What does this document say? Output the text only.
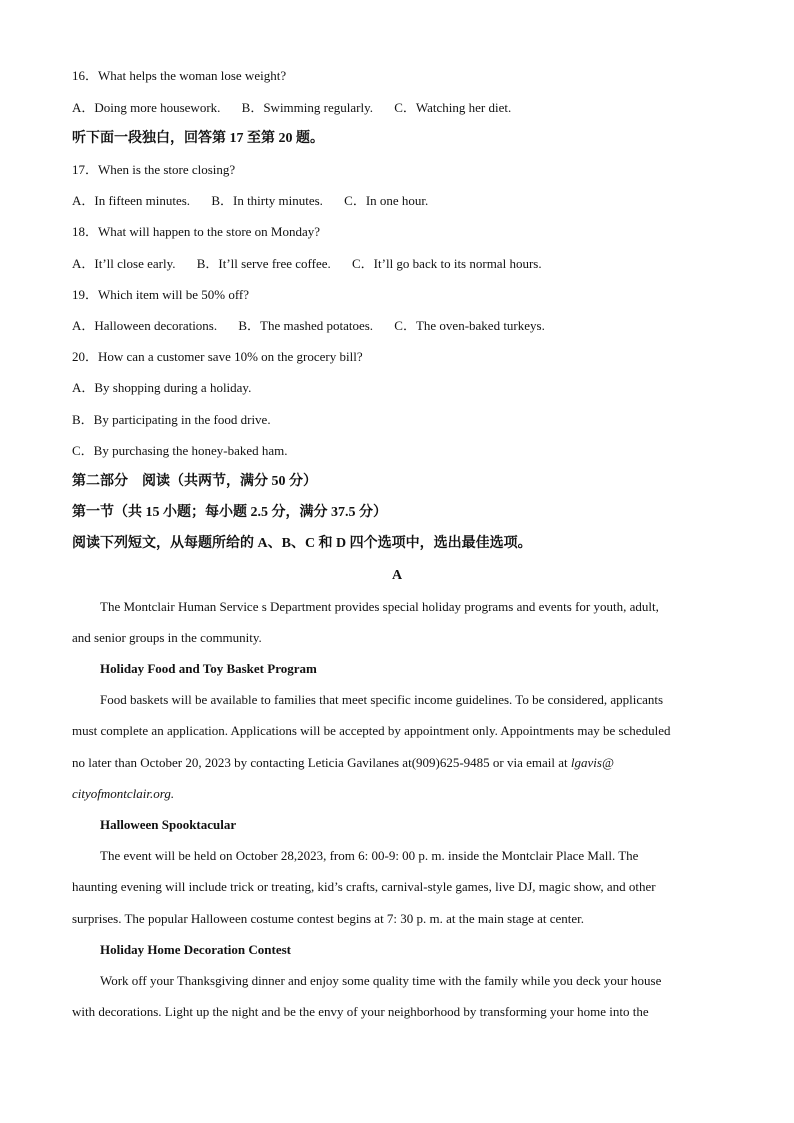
16．What helps the woman lose weight?
A．Doing more housework. B．Swimming regularly. C．Watching her diet.
听下面一段独白，回答第 17 至第 20 题。
17．When is the store closing?
A．In fifteen minutes. B．In thirty minutes. C．In one hour.
18．What will happen to the store on Monday?
A．It’ll close early. B．It’ll serve free coffee. C．It’ll go back to its normal hours.
19．Which item will be 50% off?
A．Halloween decorations. B．The mashed potatoes. C．The oven-baked turkeys.
20．How can a customer save 10% on the grocery bill?
A．By shopping during a holiday.
B．By participating in the food drive.
C．By purchasing the honey-baked ham.
第二部分　阅读（共两节，满分 50 分）
第一节（共 15 小题；每小题 2.5 分，满分 37.5 分）
阅读下列短文，从每题所给的 A、B、C 和 D 四个选项中，选出最佳选项。
A
The Montclair Human Service s Department provides special holiday programs and events for youth, adult,
and senior groups in the community.
Holiday Food and Toy Basket Program
Food baskets will be available to families that meet specific income guidelines. To be considered, applicants
must complete an application. Applications will be accepted by appointment only. Appointments may be scheduled
no later than October 20, 2023 by contacting Leticia Gavilanes at(909)625-9485 or via email at lgavis@
cityofmontclair.org.
Halloween Spooktacular
The event will be held on October 28,2023, from 6: 00-9: 00 p. m. inside the Montclair Place Mall. The
haunting evening will include trick or treating, kid’s crafts, carnival-style games, live DJ, magic show, and other
surprises. The popular Halloween costume contest begins at 7: 30 p. m. at the main stage at center.
Holiday Home Decoration Contest
Work off your Thanksgiving dinner and enjoy some quality time with the family while you deck your house
with decorations. Light up the night and be the envy of your neighborhood by transforming your home into the
